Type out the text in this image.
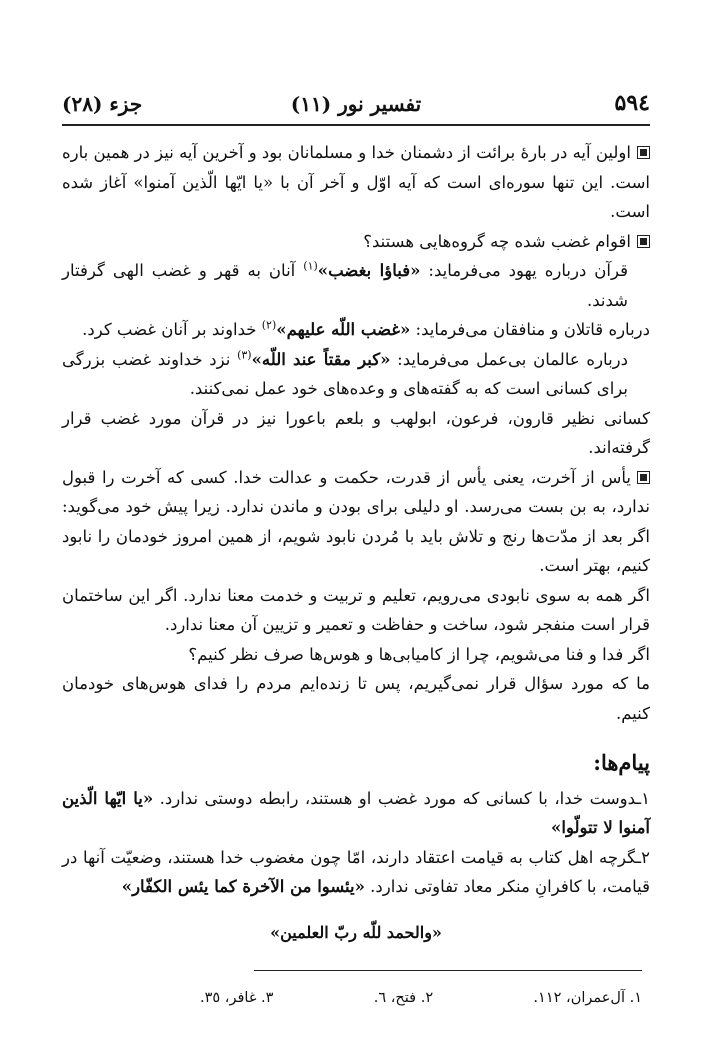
۵۹٤
تفسیر نور (١١)
جزء (٢٨)

اولین آیه در بارهٔ برائت از دشمنان خدا و مسلمانان بود و آخرین آیه نیز در همین باره است. این تنها سوره‌ای است که آیه اوّل و آخر آن با «یا ایّها الّذین آمنوا» آغاز شده است.

اقوام غضب شده چه گروه‌هایی هستند؟

قرآن درباره یهود می‌فرماید: «فباؤا بغضب»$^{(١)}$ آنان به قهر و غضب الهی گرفتار شدند.

درباره قاتلان و منافقان می‌فرماید: «غضب اللّه علیهم»$^{(٢)}$ خداوند بر آنان غضب کرد.

درباره عالمان بی‌عمل می‌فرماید: «کبر مقتاً عند اللّه»$^{(٣)}$ نزد خداوند غضب بزرگی برای کسانی است که به گفته‌های و وعده‌های خود عمل نمی‌کنند.

کسانی نظیر قارون، فرعون، ابولهب و بلعم باعورا نیز در قرآن مورد غضب قرار گرفته‌اند.

یأس از آخرت، یعنی یأس از قدرت، حکمت و عدالت خدا. کسی که آخرت را قبول ندارد، به بن بست می‌رسد. او دلیلی برای بودن و ماندن ندارد. زیرا پیش خود می‌گوید: اگر بعد از مدّت‌ها رنج و تلاش باید با مُردن نابود شویم، از همین امروز خودمان را نابود کنیم، بهتر است.

اگر همه به سوی نابودی می‌رویم، تعلیم و تربیت و خدمت معنا ندارد. اگر این ساختمان قرار است منفجر شود، ساخت و حفاظت و تعمیر و تزیین آن معنا ندارد.

اگر فدا و فنا می‌شویم، چرا از کامیابی‌ها و هوس‌ها صرف نظر کنیم؟

ما که مورد سؤال قرار نمی‌گیریم، پس تا زنده‌ایم مردم را فدای هوس‌های خودمان کنیم.

پیام‌ها:

١ـدوست خدا، با کسانی که مورد غضب او هستند، رابطه دوستی ندارد. «یا ایّها الّذین آمنوا لا تتولّوا»

٢ـگرچه اهل کتاب به قیامت اعتقاد دارند، امّا چون مغضوب خدا هستند، وضعیّت آنها در قیامت، با کافرانِ منکر معاد تفاوتی ندارد. «یئسوا من الآخرة کما یئس الکفّار»

«والحمد للّه ربّ العلمین»
١. آل‌عمران، ١١٢.
٢. فتح، ٦.
٣. غافر، ٣٥.
